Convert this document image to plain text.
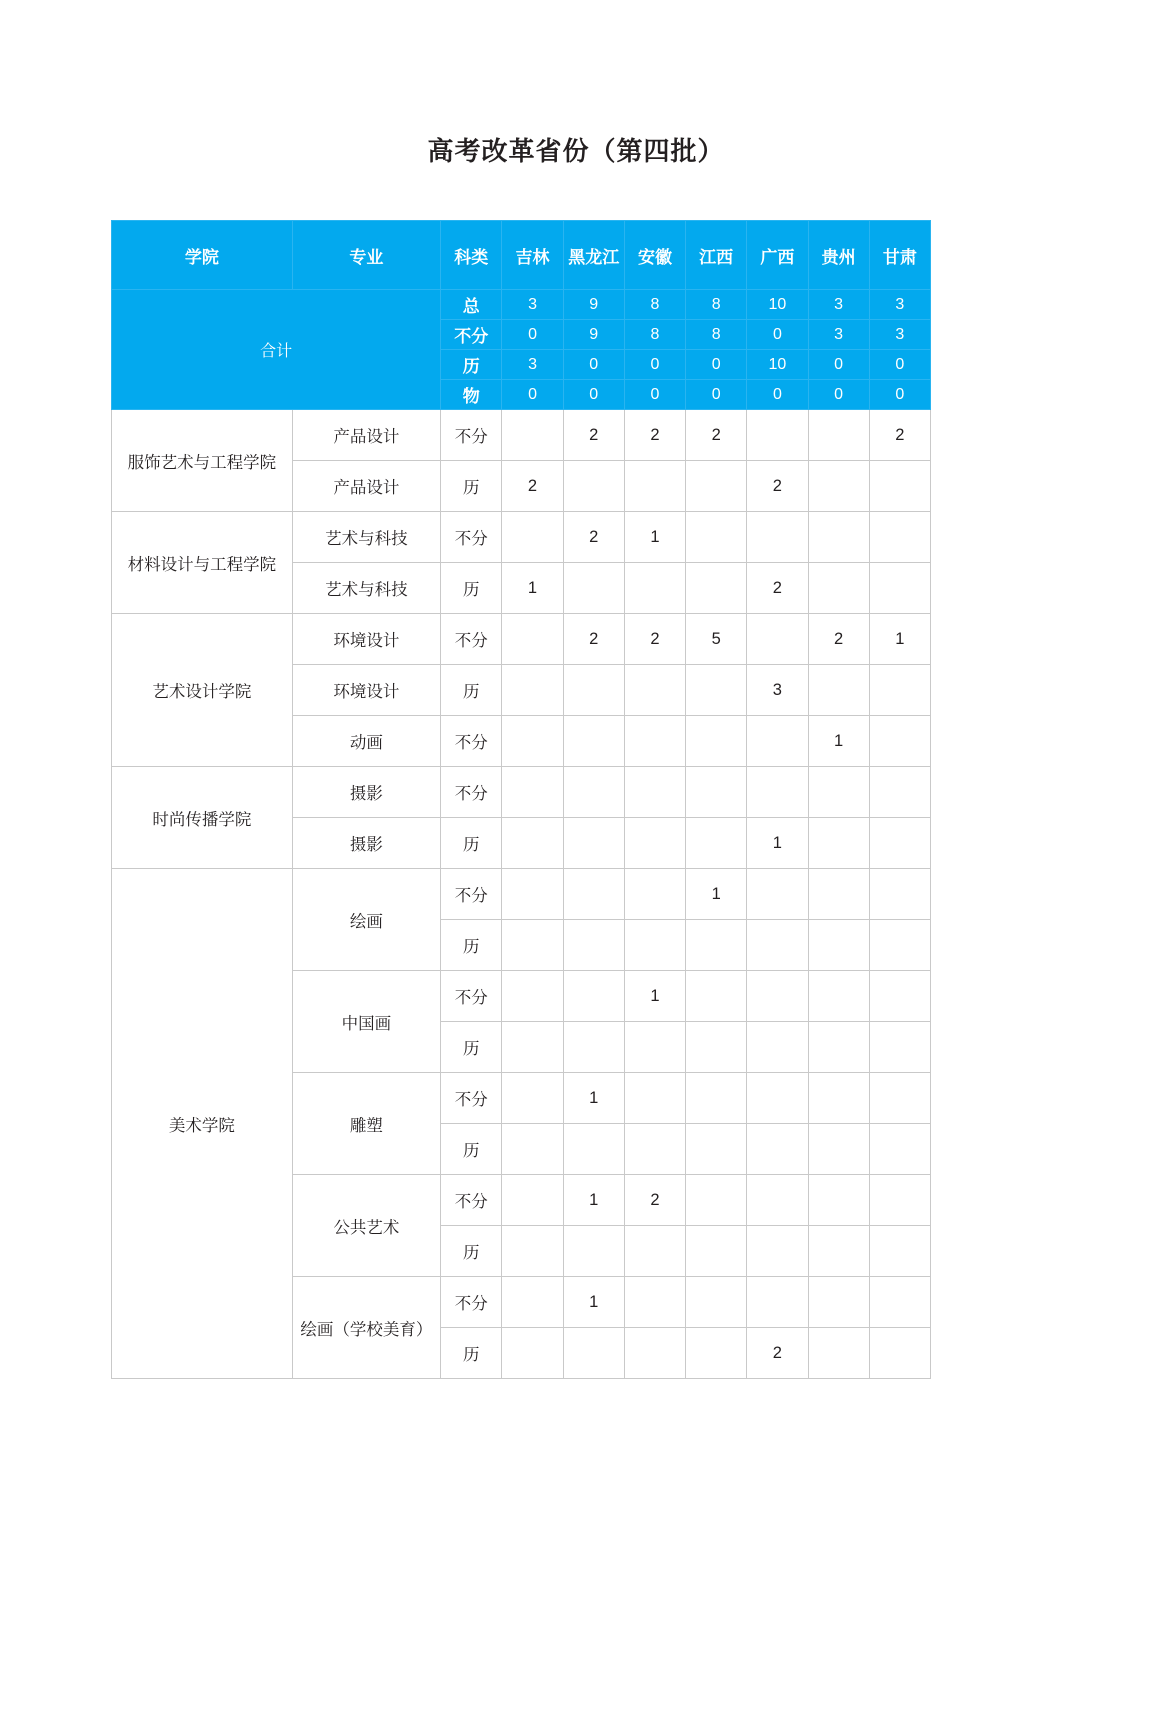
高考改革省份（第四批）
学院	专业	科类	吉林	黑龙江	安徽	江西	广西	贵州	甘肃
合计		总	3	9	8	8	10	3	3
		不分	0	9	8	8	0	3	3
		历	3	0	0	0	10	0	0
		物	0	0	0	0	0	0	0
服饰艺术与工程学院	产品设计	不分		2	2	2			2
	产品设计	历	2				2		
材料设计与工程学院	艺术与科技	不分		2	1				
	艺术与科技	历	1				2		
艺术设计学院	环境设计	不分		2	2	5		2	1
	环境设计	历					3		
	动画	不分						1	
时尚传播学院	摄影	不分							
	摄影	历					1		
美术学院	绘画	不分				1			
		历							
	中国画	不分			1				
		历							
	雕塑	不分		1					
		历							
	公共艺术	不分		1	2				
		历							
	绘画（学校美育）	不分		1					
		历					2		
